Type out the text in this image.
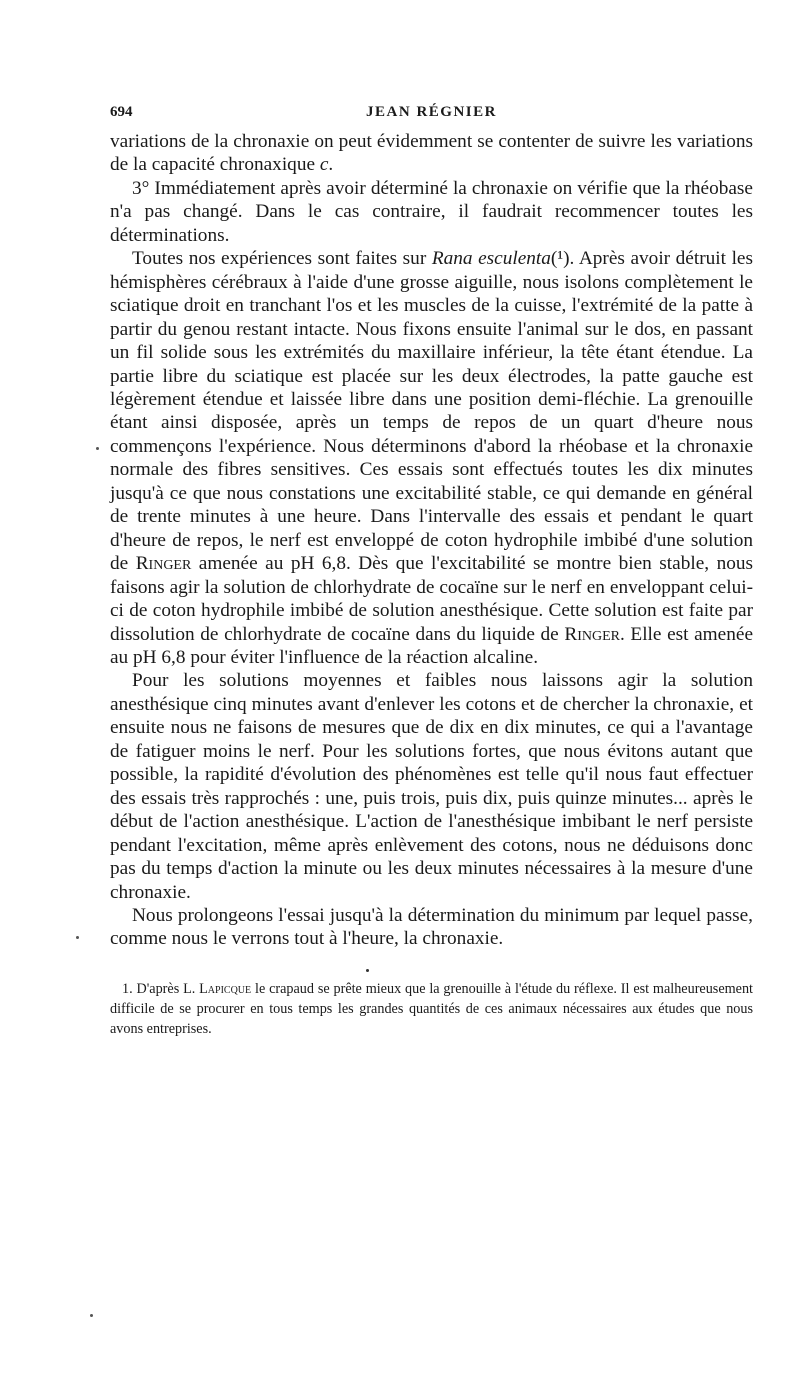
694	JEAN RÉGNIER

variations de la chronaxie on peut évidemment se contenter de suivre les variations de la capacité chronaxique c.

3° Immédiatement après avoir déterminé la chronaxie on vérifie que la rhéobase n'a pas changé. Dans le cas contraire, il faudrait recommencer toutes les déterminations.

Toutes nos expériences sont faites sur Rana esculenta(¹). Après avoir détruit les hémisphères cérébraux à l'aide d'une grosse aiguille, nous isolons complètement le sciatique droit en tranchant l'os et les muscles de la cuisse, l'extrémité de la patte à partir du genou restant intacte. Nous fixons ensuite l'animal sur le dos, en passant un fil solide sous les extrémités du maxillaire inférieur, la tête étant étendue. La partie libre du sciatique est placée sur les deux électrodes, la patte gauche est légèrement étendue et laissée libre dans une position demi-fléchie. La grenouille étant ainsi disposée, après un temps de repos de un quart d'heure nous commençons l'expérience. Nous déterminons d'abord la rhéobase et la chronaxie normale des fibres sensitives. Ces essais sont effectués toutes les dix minutes jusqu'à ce que nous constations une excitabilité stable, ce qui demande en général de trente minutes à une heure. Dans l'intervalle des essais et pendant le quart d'heure de repos, le nerf est enveloppé de coton hydrophile imbibé d'une solution de Ringer amenée au pH 6,8. Dès que l'excitabilité se montre bien stable, nous faisons agir la solution de chlorhydrate de cocaïne sur le nerf en enveloppant celui-ci de coton hydrophile imbibé de solution anesthésique. Cette solution est faite par dissolution de chlorhydrate de cocaïne dans du liquide de Ringer. Elle est amenée au pH 6,8 pour éviter l'influence de la réaction alcaline.

Pour les solutions moyennes et faibles nous laissons agir la solution anesthésique cinq minutes avant d'enlever les cotons et de chercher la chronaxie, et ensuite nous ne faisons de mesures que de dix en dix minutes, ce qui a l'avantage de fatiguer moins le nerf. Pour les solutions fortes, que nous évitons autant que possible, la rapidité d'évolution des phénomènes est telle qu'il nous faut effectuer des essais très rapprochés : une, puis trois, puis dix, puis quinze minutes... après le début de l'action anesthésique. L'action de l'anesthésique imbibant le nerf persiste pendant l'excitation, même après enlèvement des cotons, nous ne déduisons donc pas du temps d'action la minute ou les deux minutes nécessaires à la mesure d'une chronaxie.

Nous prolongeons l'essai jusqu'à la détermination du minimum par lequel passe, comme nous le verrons tout à l'heure, la chronaxie.

1. D'après L. Lapicque le crapaud se prête mieux que la grenouille à l'étude du réflexe. Il est malheureusement difficile de se procurer en tous temps les grandes quantités de ces animaux nécessaires aux études que nous avons entreprises.
